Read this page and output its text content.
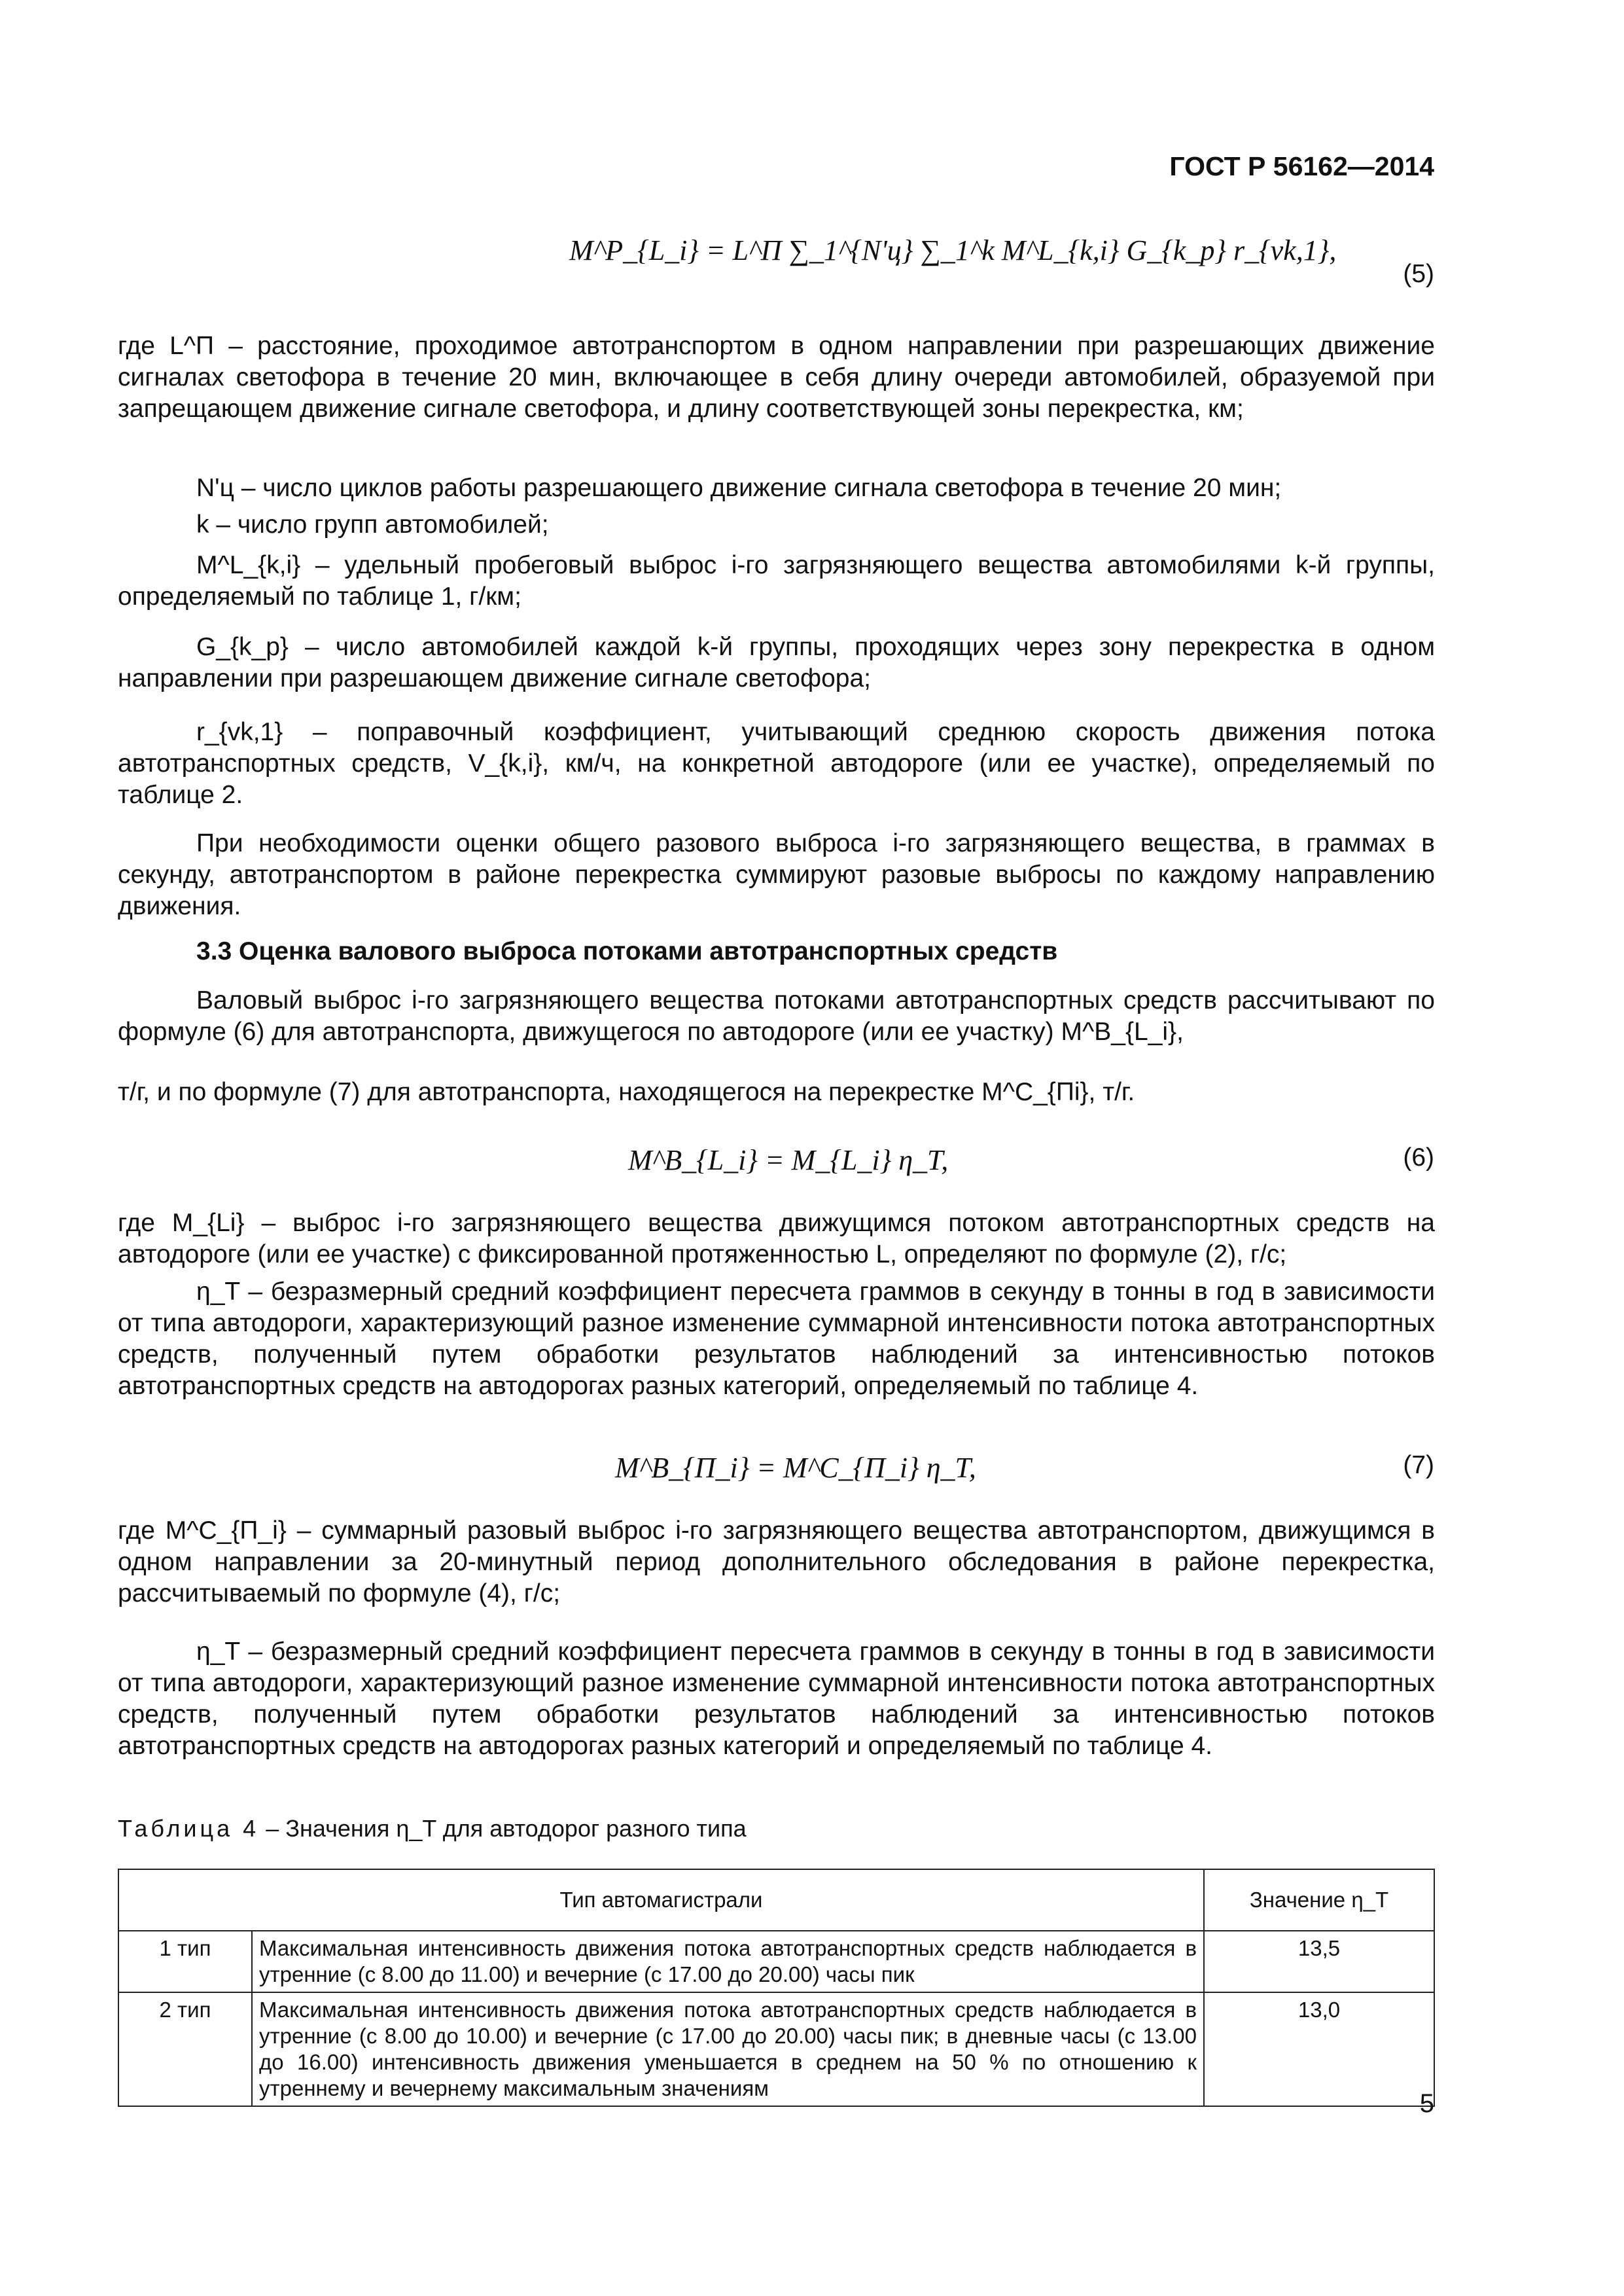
ГОСТ Р 56162—2014
M^P_{L_i} = L^П ∑_1^{N'ц} ∑_1^k M^L_{k,i} G_{k_p} r_{vk,1},
(5)

где L^П – расстояние, проходимое автотранспортом в одном направлении при разрешающих движение сигналах светофора в течение 20 мин, включающее в себя длину очереди автомобилей, образуемой при запрещающем движение сигнале светофора, и длину соответствующей зоны перекрестка, км;

N'ц – число циклов работы разрешающего движение сигнала светофора в течение 20 мин;

k – число групп автомобилей;

M^L_{k,i} – удельный пробеговый выброс i-го загрязняющего вещества автомобилями k-й группы, определяемый по таблице 1, г/км;

G_{k_p} – число автомобилей каждой k-й группы, проходящих через зону перекрестка в одном направлении при разрешающем движение сигнале светофора;

r_{vk,1} – поправочный коэффициент, учитывающий среднюю скорость движения потока автотранспортных средств, V_{k,i}, км/ч, на конкретной автодороге (или ее участке), определяемый по таблице 2.

При необходимости оценки общего разового выброса i-го загрязняющего вещества, в граммах в секунду, автотранспортом в районе перекрестка суммируют разовые выбросы по каждому направлению движения.

3.3 Оценка валового выброса потоками автотранспортных средств

Валовый выброс i-го загрязняющего вещества потоками автотранспортных средств рассчитывают по формуле (6) для автотранспорта, движущегося по автодороге (или ее участку) M^B_{L_i},

т/г, и по формуле (7) для автотранспорта, находящегося на перекрестке M^C_{Пi}, т/г.

M^B_{L_i} = M_{L_i} η_T,	(6)

где M_{Li} – выброс i-го загрязняющего вещества движущимся потоком автотранспортных средств на автодороге (или ее участке) с фиксированной протяженностью L, определяют по формуле (2), г/с;

η_T – безразмерный средний коэффициент пересчета граммов в секунду в тонны в год в зависимости от типа автодороги, характеризующий разное изменение суммарной интенсивности потока автотранспортных средств, полученный путем обработки результатов наблюдений за интенсивностью потоков автотранспортных средств на автодорогах разных категорий, определяемый по таблице 4.

M^B_{П_i} = M^C_{П_i} η_T,	(7)

где M^C_{П_i} – суммарный разовый выброс i-го загрязняющего вещества автотранспортом, движущимся в одном направлении за 20-минутный период дополнительного обследования в районе перекрестка, рассчитываемый по формуле (4), г/с;

η_T – безразмерный средний коэффициент пересчета граммов в секунду в тонны в год в зависимости от типа автодороги, характеризующий разное изменение суммарной интенсивности потока автотранспортных средств, полученный путем обработки результатов наблюдений за интенсивностью потоков автотранспортных средств на автодорогах разных категорий и определяемый по таблице 4.

Таблица 4 – Значения η_T для автодорог разного типа
Тип автомагистрали		Значение η_T
1 тип	Максимальная интенсивность движения потока автотранспортных средств наблюдается в утренние (с 8.00 до 11.00) и вечерние (с 17.00 до 20.00) часы пик	13,5
2 тип	Максимальная интенсивность движения потока автотранспортных средств наблюдается в утренние (с 8.00 до 10.00) и вечерние (с 17.00 до 20.00) часы пик; в дневные часы (с 13.00 до 16.00) интенсивность движения уменьшается в среднем на 50 % по отношению к утреннему и вечернему максимальным значениям	13,0
5
